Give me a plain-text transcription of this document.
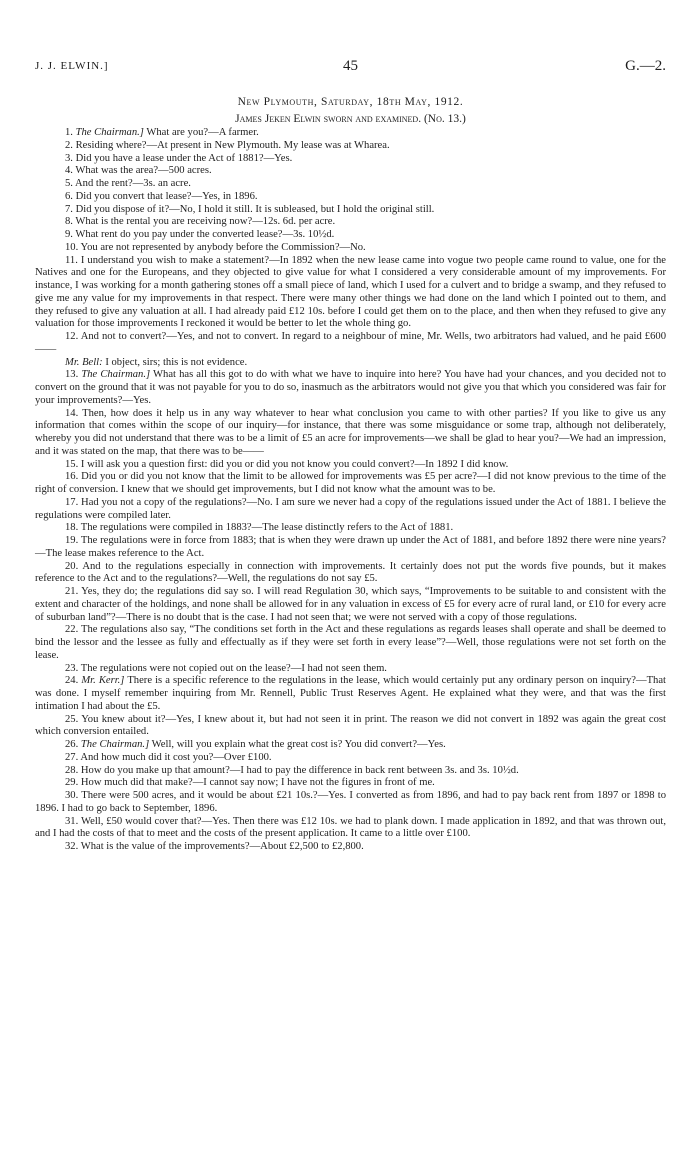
J. J. ELWIN.]	45	G.—2.
New Plymouth, Saturday, 18th May, 1912.
James Jeken Elwin sworn and examined. (No. 13.)

1. The Chairman.] What are you?—A farmer.

2. Residing where?—At present in New Plymouth. My lease was at Wharea.

3. Did you have a lease under the Act of 1881?—Yes.

4. What was the area?—500 acres.

5. And the rent?—3s. an acre.

6. Did you convert that lease?—Yes, in 1896.

7. Did you dispose of it?—No, I hold it still. It is subleased, but I hold the original still.

8. What is the rental you are receiving now?—12s. 6d. per acre.

9. What rent do you pay under the converted lease?—3s. 10½d.

10. You are not represented by anybody before the Commission?—No.

11. I understand you wish to make a statement?—In 1892 when the new lease came into vogue two people came round to value, one for the Natives and one for the Europeans, and they objected to give value for what I considered a very considerable amount of my improvements. For instance, I was working for a month gathering stones off a small piece of land, which I used for a culvert and to bridge a swamp, and they refused to give me any value for my improvements in that respect. There were many other things we had done on the land which I pointed out to them, and they refused to give any valuation at all. I had already paid £12 10s. before I could get them on to the place, and then when they refused to give any valuation for those improvements I reckoned it would be better to let the whole thing go.

12. And not to convert?—Yes, and not to convert. In regard to a neighbour of mine, Mr. Wells, two arbitrators had valued, and he paid £600——

Mr. Bell: I object, sirs; this is not evidence.

13. The Chairman.] What has all this got to do with what we have to inquire into here? You have had your chances, and you decided not to convert on the ground that it was not payable for you to do so, inasmuch as the arbitrators would not give you that which you considered was fair for your improvements?—Yes.

14. Then, how does it help us in any way whatever to hear what conclusion you came to with other parties? If you like to give us any information that comes within the scope of our inquiry—for instance, that there was some misguidance or some trap, although not deliberately, whereby you did not understand that there was to be a limit of £5 an acre for improvements—we shall be glad to hear you?—We had an impression, and it was stated on the map, that there was to be——

15. I will ask you a question first: did you or did you not know you could convert?—In 1892 I did know.

16. Did you or did you not know that the limit to be allowed for improvements was £5 per acre?—I did not know previous to the time of the right of conversion. I knew that we should get improvements, but I did not know what the amount was to be.

17. Had you not a copy of the regulations?—No. I am sure we never had a copy of the regulations issued under the Act of 1881. I believe the regulations were compiled later.

18. The regulations were compiled in 1883?—The lease distinctly refers to the Act of 1881.

19. The regulations were in force from 1883; that is when they were drawn up under the Act of 1881, and before 1892 there were nine years?—The lease makes reference to the Act.

20. And to the regulations especially in connection with improvements. It certainly does not put the words five pounds, but it makes reference to the Act and to the regulations?—Well, the regulations do not say £5.

21. Yes, they do; the regulations did say so. I will read Regulation 30, which says, “Improvements to be suitable to and consistent with the extent and character of the holdings, and none shall be allowed for in any valuation in excess of £5 for every acre of rural land, or £10 for every acre of suburban land”?—There is no doubt that is the case. I had not seen that; we were not served with a copy of those regulations.

22. The regulations also say, “The conditions set forth in the Act and these regulations as regards leases shall operate and shall be deemed to bind the lessor and the lessee as fully and effectually as if they were set forth in every lease”?—Well, those regulations were not set forth on the lease.

23. The regulations were not copied out on the lease?—I had not seen them.

24. Mr. Kerr.] There is a specific reference to the regulations in the lease, which would certainly put any ordinary person on inquiry?—That was done. I myself remember inquiring from Mr. Rennell, Public Trust Reserves Agent. He explained what they were, and that was the first intimation I had about the £5.

25. You knew about it?—Yes, I knew about it, but had not seen it in print. The reason we did not convert in 1892 was again the great cost which conversion entailed.

26. The Chairman.] Well, will you explain what the great cost is? You did convert?—Yes.

27. And how much did it cost you?—Over £100.

28. How do you make up that amount?—I had to pay the difference in back rent between 3s. and 3s. 10½d.

29. How much did that make?—I cannot say now; I have not the figures in front of me.

30. There were 500 acres, and it would be about £21 10s.?—Yes. I converted as from 1896, and had to pay back rent from 1897 or 1898 to 1896. I had to go back to September, 1896.

31. Well, £50 would cover that?—Yes. Then there was £12 10s. we had to plank down. I made application in 1892, and that was thrown out, and I had the costs of that to meet and the costs of the present application. It came to a little over £100.

32. What is the value of the improvements?—About £2,500 to £2,800.
